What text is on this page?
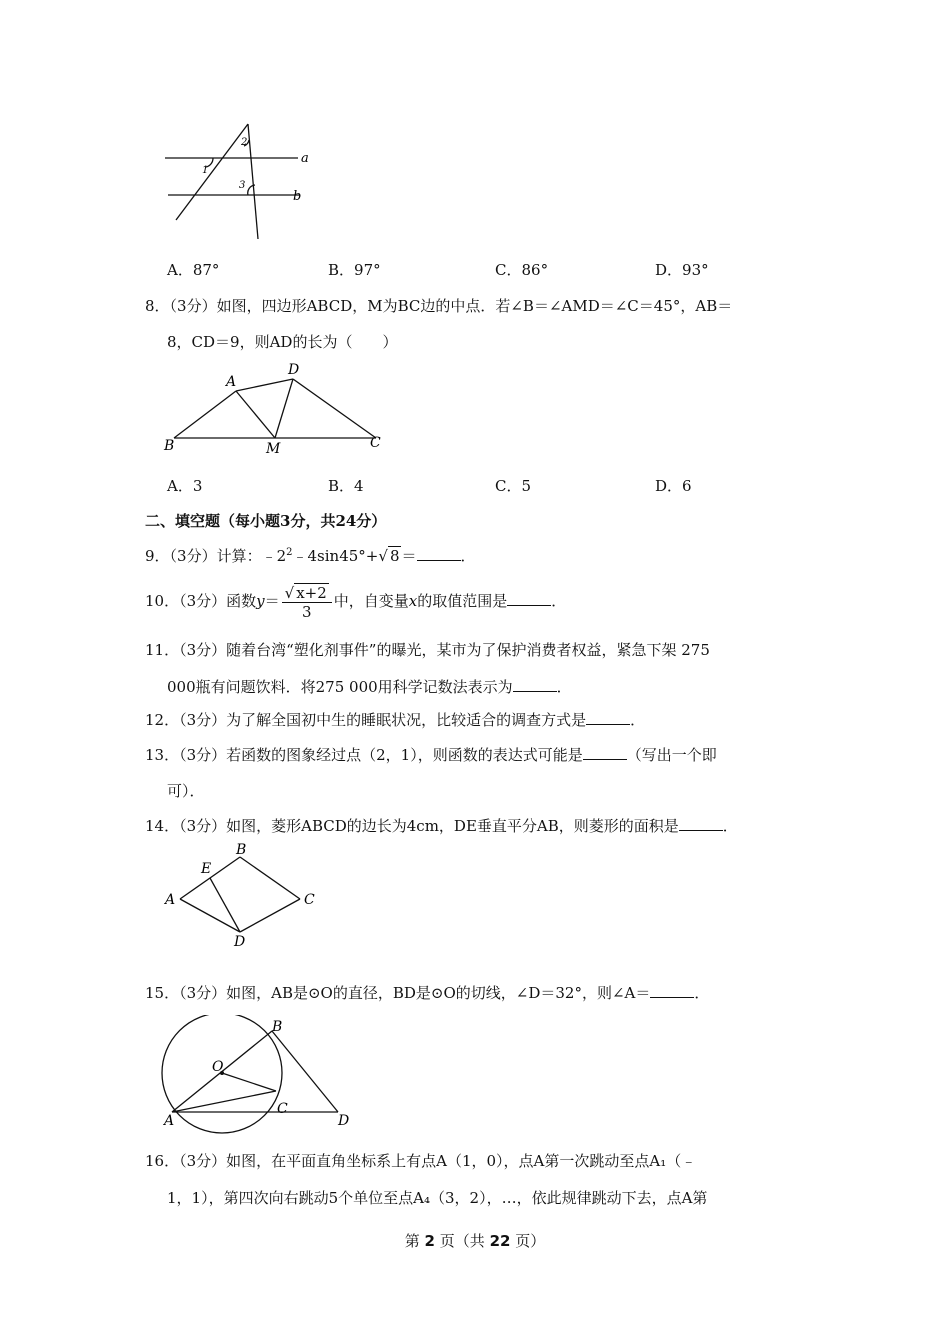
a
b
1
2
3
A．87°	B．97°	C．86°	D．93°
8．（3分）如图，四边形ABCD，M为BC边的中点．若∠B＝∠AMD＝∠C＝45°，AB＝
8，CD＝9，则AD的长为（　　）
A
D
B	M	C
A．3	B．4	C．5	D．6
二、填空题（每小题3分，共24分）
9．（3分）计算：$﹣2^2﹣4\sin 45^\circ+√$ 8 ＝	．
10．（3分）函数$y= \frac{√ x+2}{3}$ 中，自变量x的取值范围是	．
11．（3分）随着台湾“塑化剂事件”的曝光，某市为了保护消费者权益，紧急下架 275
000瓶有问题饮料．将275 000用科学记数法表示为	．
12．（3分）为了解全国初中生的睡眠状况，比较适合的调查方式是	．
13．（3分）若函数的图象经过点（2，1），则函数的表达式可能是	（写出一个即
可）．
14．（3分）如图，菱形ABCD的边长为4cm，DE垂直平分AB，则菱形的面积是	．
A
B
C
D
E
15．（3分）如图，AB是⊙O的直径，BD是⊙O的切线，∠D＝32°，则∠A＝	．
O
B
A
C
D
16．（3分）如图，在平面直角坐标系上有点A（1，0），点A第一次跳动至点A₁（﹣
1，1），第四次向右跳动5个单位至点A₄（3，2），…，依此规律跳动下去，点A第
第 2 页（共 22 页）
